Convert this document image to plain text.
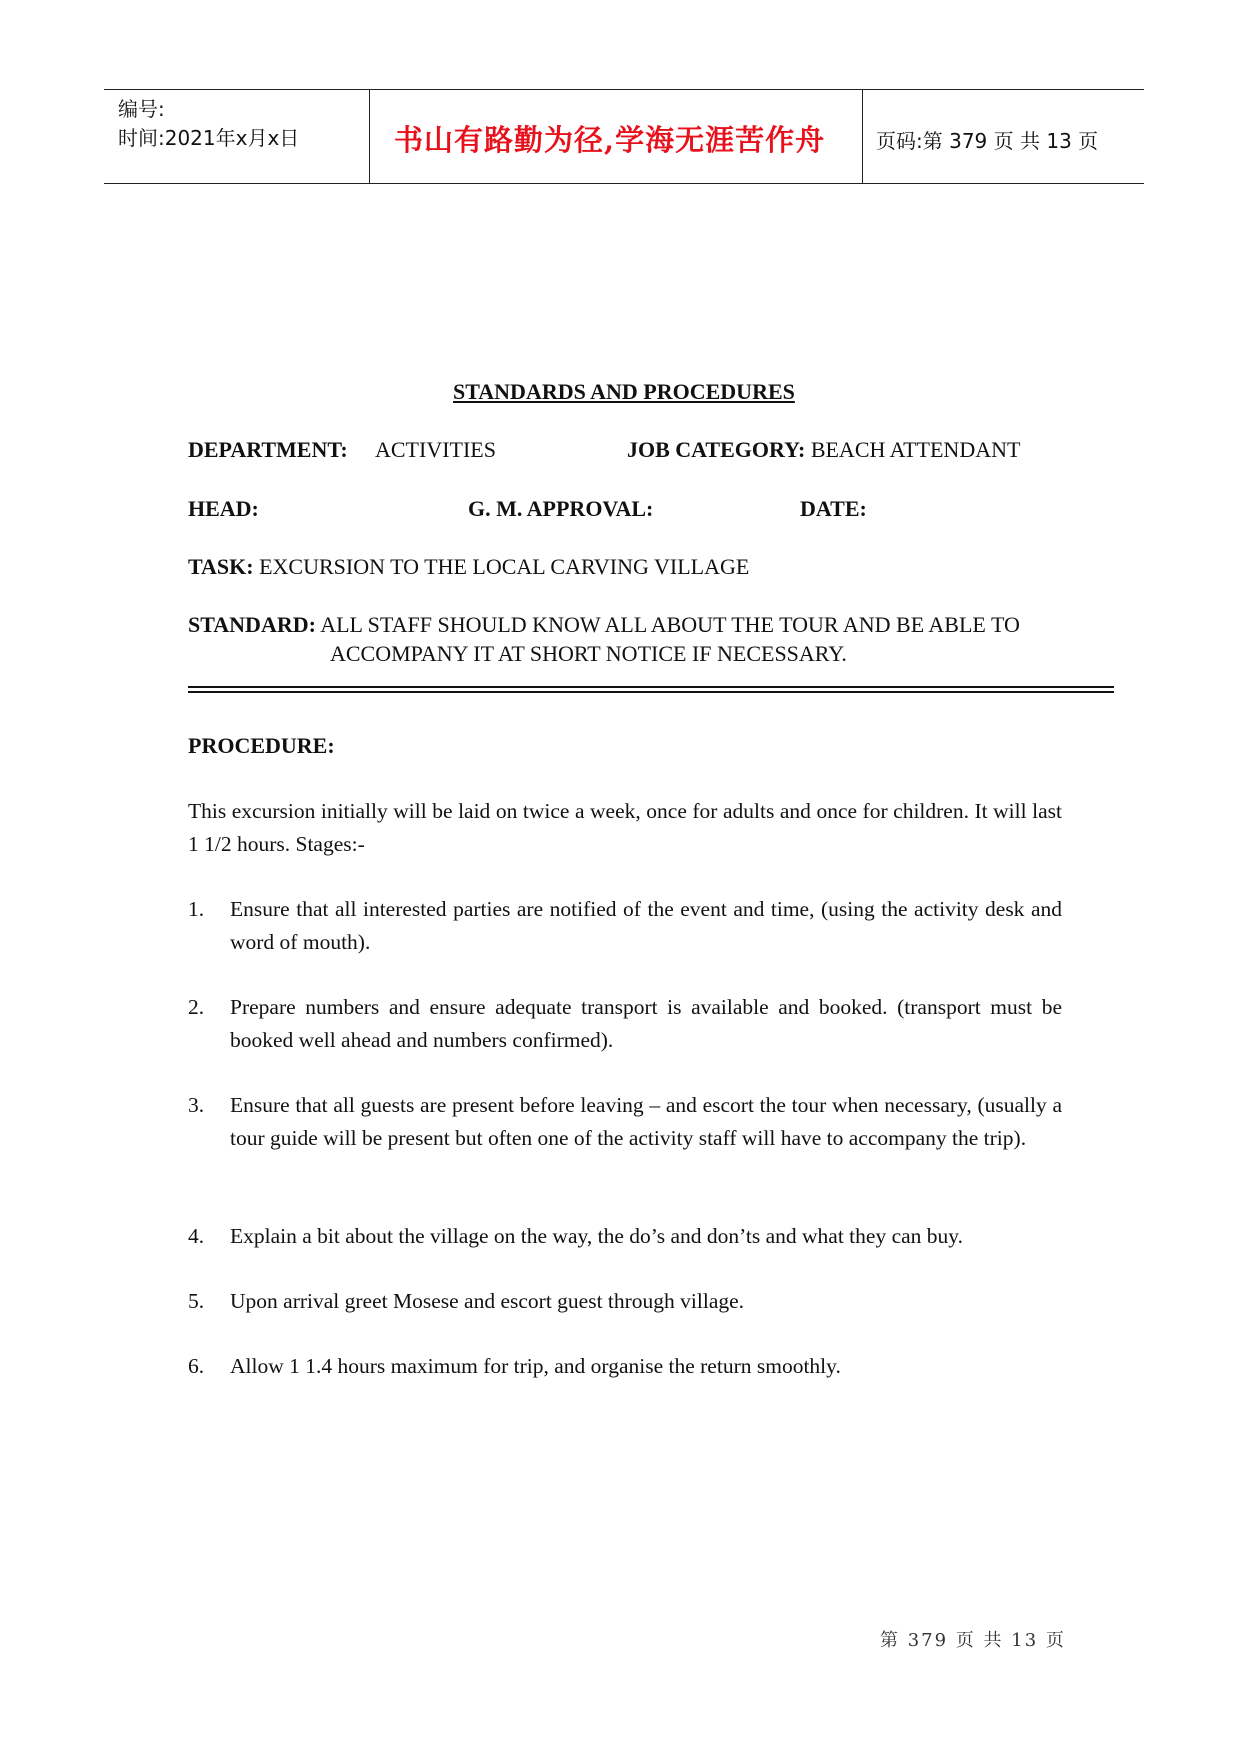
编号:
时间:2021年x月x日	书山有路勤为径,学海无涯苦作舟	页码:第 379 页 共 13 页
STANDARDS AND PROCEDURES
DEPARTMENT: ACTIVITIES	JOB CATEGORY: BEACH ATTENDANT
HEAD:	G. M. APPROVAL:	DATE:
TASK: EXCURSION TO THE LOCAL CARVING VILLAGE
STANDARD: ALL STAFF SHOULD KNOW ALL ABOUT THE TOUR AND BE ABLE TO
ACCOMPANY IT AT SHORT NOTICE IF NECESSARY.
PROCEDURE:
This excursion initially will be laid on twice a week, once for adults and once for children. It will last 1 1/2 hours. Stages:-
1. Ensure that all interested parties are notified of the event and time, (using the activity desk and word of mouth).
2. Prepare numbers and ensure adequate transport is available and booked. (transport must be booked well ahead and numbers confirmed).
3. Ensure that all guests are present before leaving – and escort the tour when necessary, (usually a tour guide will be present but often one of the activity staff will have to accompany the trip).
4. Explain a bit about the village on the way, the do’s and don’ts and what they can buy.
5. Upon arrival greet Mosese and escort guest through village.
6. Allow 1 1.4 hours maximum for trip, and organise the return smoothly.
第 379 页 共 13 页
